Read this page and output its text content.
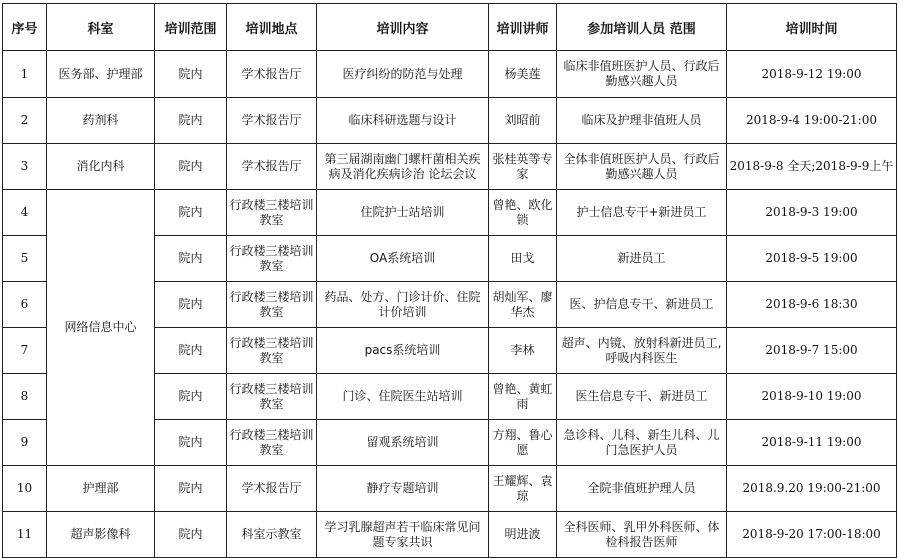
序号	科室	培训范围	培训地点	培训内容	培训讲师	参加培训人员 范围	培训时间
1	医务部、护理部	院内	学术报告厅	医疗纠纷的防范与处理	杨美莲	临床非值班医护人员、行政后勤感兴趣人员	2018-9-12 19:00
2	药剂科	院内	学术报告厅	临床科研选题与设计	刘昭前	临床及护理非值班人员	2018-9-4 19:00-21:00
3	消化内科	院内	学术报告厅	第三届湖南幽门螺杆菌相关疾病及消化疾病诊治 论坛会议	张桂英等专家	全体非值班医护人员、行政后勤感兴趣人员	2018-9-8 全天;2018-9-9上午
4	网络信息中心	院内	行政楼三楼培训教室	住院护士站培训	曾艳、欧化锁	护士信息专干+新进员工	2018-9-3 19:00
5		院内	行政楼三楼培训教室	OA系统培训	田戈	新进员工	2018-9-5 19:00
6		院内	行政楼三楼培训教室	药品、处方、门诊计价、住院计价培训	胡灿军、廖华杰	医、护信息专干、新进员工	2018-9-6 18:30
7		院内	行政楼三楼培训教室	pacs系统培训	李林	超声、内镜、放射科新进员工,呼吸内科医生	2018-9-7 15:00
8		院内	行政楼三楼培训教室	门诊、住院医生站培训	曾艳、黄虹雨	医生信息专干、新进员工	2018-9-10 19:00
9		院内	行政楼三楼培训教室	留观系统培训	方翔、鲁心愿	急诊科、儿科、新生儿科、儿门急医护人员	2018-9-11 19:00
10	护理部	院内	学术报告厅	静疗专题培训	王耀辉、袁琼	全院非值班护理人员	2018.9.20 19:00-21:00
11	超声影像科	院内	科室示教室	学习乳腺超声若干临床常见问题专家共识	明进波	全科医师、乳甲外科医师、体检科报告医师	2018-9-20 17:00-18:00
